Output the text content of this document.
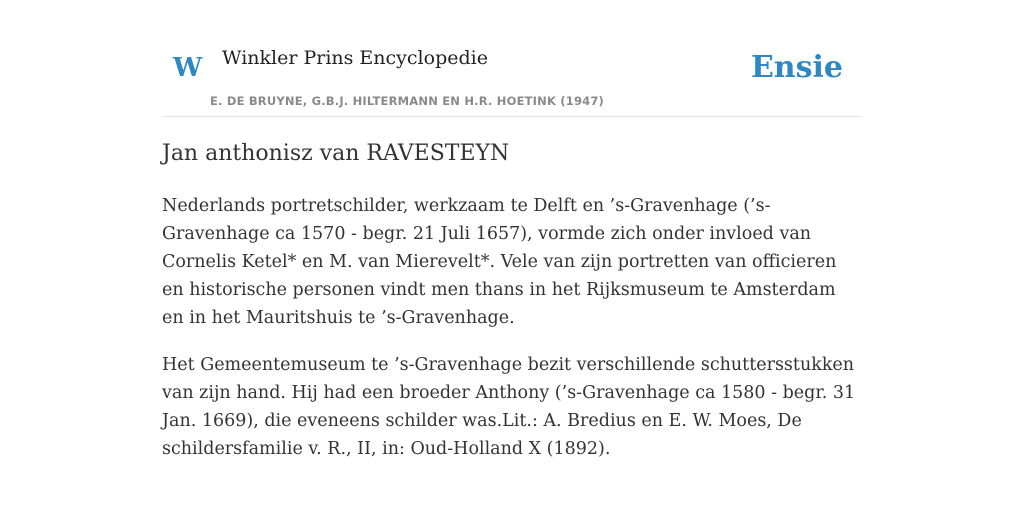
W Winkler Prins Encyclopedie	Ensie
E. DE BRUYNE, G.B.J. HILTERMANN EN H.R. HOETINK (1947)
Jan anthonisz van RAVESTEYN

Nederlands portretschilder, werkzaam te Delft en ’s-Gravenhage (’s-Gravenhage ca 1570 - begr. 21 Juli 1657), vormde zich onder invloed van Cornelis Ketel* en M. van Mierevelt*. Vele van zijn portretten van officieren en historische personen vindt men thans in het Rijksmuseum te Amsterdam en in het Mauritshuis te ’s-Gravenhage.

Het Gemeentemuseum te ’s-Gravenhage bezit verschillende schuttersstukken van zijn hand. Hij had een broeder Anthony (’s-Gravenhage ca 1580 - begr. 31 Jan. 1669), die eveneens schilder was.Lit.: A. Bredius en E. W. Moes, De schildersfamilie v. R., II, in: Oud-Holland X (1892).
